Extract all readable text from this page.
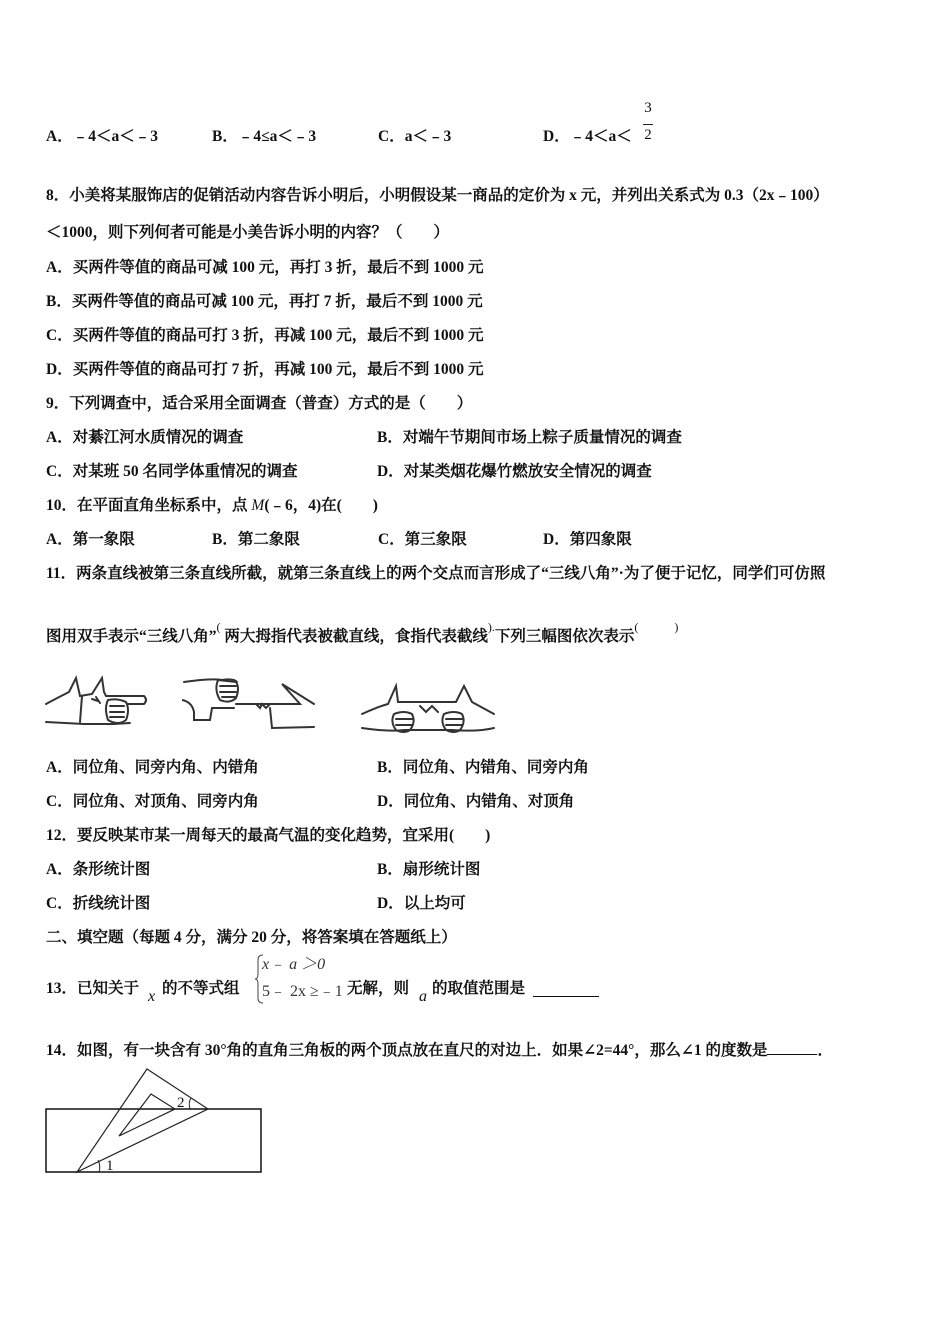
A．﹣4＜a＜﹣3	B．﹣4≤a＜﹣3	C．a＜﹣3	D．﹣4＜a＜
3
2
8．小美将某服饰店的促销活动内容告诉小明后，小明假设某一商品的定价为 x 元，并列出关系式为 0.3（2x﹣100）
＜1000，则下列何者可能是小美告诉小明的内容？（　　）
A．买两件等值的商品可减 100 元，再打 3 折，最后不到 1000 元
B．买两件等值的商品可减 100 元，再打 7 折，最后不到 1000 元
C．买两件等值的商品可打 3 折，再减 100 元，最后不到 1000 元
D．买两件等值的商品可打 7 折，再减 100 元，最后不到 1000 元
9．下列调查中，适合采用全面调查（普查）方式的是（　　）
A．对綦江河水质情况的调查	B．对端午节期间市场上粽子质量情况的调查
C．对某班 50 名同学体重情况的调查	D．对某类烟花爆竹燃放安全情况的调查
10．在平面直角坐标系中，点 M(﹣6，4)在(　　)
A．第一象限	B．第二象限	C．第三象限	D．第四象限
11．两条直线被第三条直线所截，就第三条直线上的两个交点而言形成了“三线八角”·为了便于记忆，同学们可仿照
图用双手表示“三线八角”( 两大拇指代表被截直线，食指代表截线).下列三幅图依次表示(　　　)
A．同位角、同旁内角、内错角	B．同位角、内错角、同旁内角
C．同位角、对顶角、同旁内角	D．同位角、内错角、对顶角
12．要反映某市某一周每天的最高气温的变化趋势，宜采用(　　)
A．条形统计图	B．扇形统计图
C．折线统计图	D．以上均可
二、填空题（每题 4 分，满分 20 分，将答案填在答题纸上）
13．已知关于 x 的不等式组
x﹣ a ＞0
5﹣ 2x ≥﹣1 无解，则 a 的取值范围是
14．如图，有一块含有 30°角的直角三角板的两个顶点放在直尺的对边上．如果∠2=44°，那么∠1 的度数是	．
1
2
